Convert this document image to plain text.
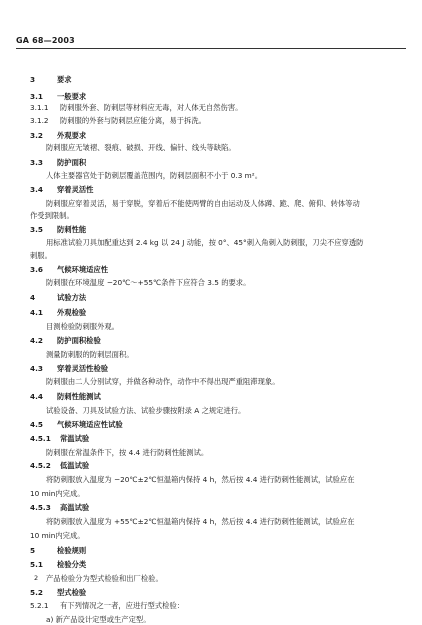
GA 68—2003
3	要求
3.1 一般要求
3.1.1 防刺服外套、防刺层等材料应无毒，对人体无自然伤害。
3.1.2 防刺服的外套与防刺层应能分离，易于拆洗。
3.2 外观要求
防刺服应无皱褶、裂痕、破损、开线、偏针、线头等缺陷。
3.3 防护面积
人体主要器官处于防刺层覆盖范围内，防刺层面积不小于 0.3 m²。
3.4 穿着灵活性
防刺服应穿着灵活，易于穿脱，穿着后不能使两臂的自由运动及人体蹲、跪、爬、俯仰、转体等动
作受到限制。
3.5 防刺性能
用标准试验刀具加配重达到 2.4 kg 以 24 J 动能，按 0°、45°刺入角刺入防刺服，刀尖不应穿透防
刺服。
3.6 气候环境适应性
防刺服在环境温度 −20℃～+55℃条件下应符合 3.5 的要求。
4	试验方法
4.1 外观检验
目测检验防刺服外观。
4.2 防护面积检验
测量防刺服的防刺层面积。
4.3 穿着灵活性检验
防刺服由二人分别试穿，并做各种动作，动作中不得出现严重阻滞现象。
4.4 防刺性能测试
试验设备、刀具及试验方法、试验步骤按附录 A 之规定进行。
4.5 气候环境适应性试验
4.5.1 常温试验
防刺服在常温条件下，按 4.4 进行防刺性能测试。
4.5.2 低温试验
将防刺服放入温度为 −20℃±2℃恒温箱内保持 4 h，然后按 4.4 进行防刺性能测试，试验应在
10 min内完成。
4.5.3 高温试验
将防刺服放入温度为 +55℃±2℃恒温箱内保持 4 h，然后按 4.4 进行防刺性能测试，试验应在
10 min内完成。
5	检验规则
5.1 检验分类
产品检验分为型式检验和出厂检验。
5.2 型式检验
5.2.1 有下列情况之一者，应进行型式检验：
a) 新产品设计定型或生产定型。
2
